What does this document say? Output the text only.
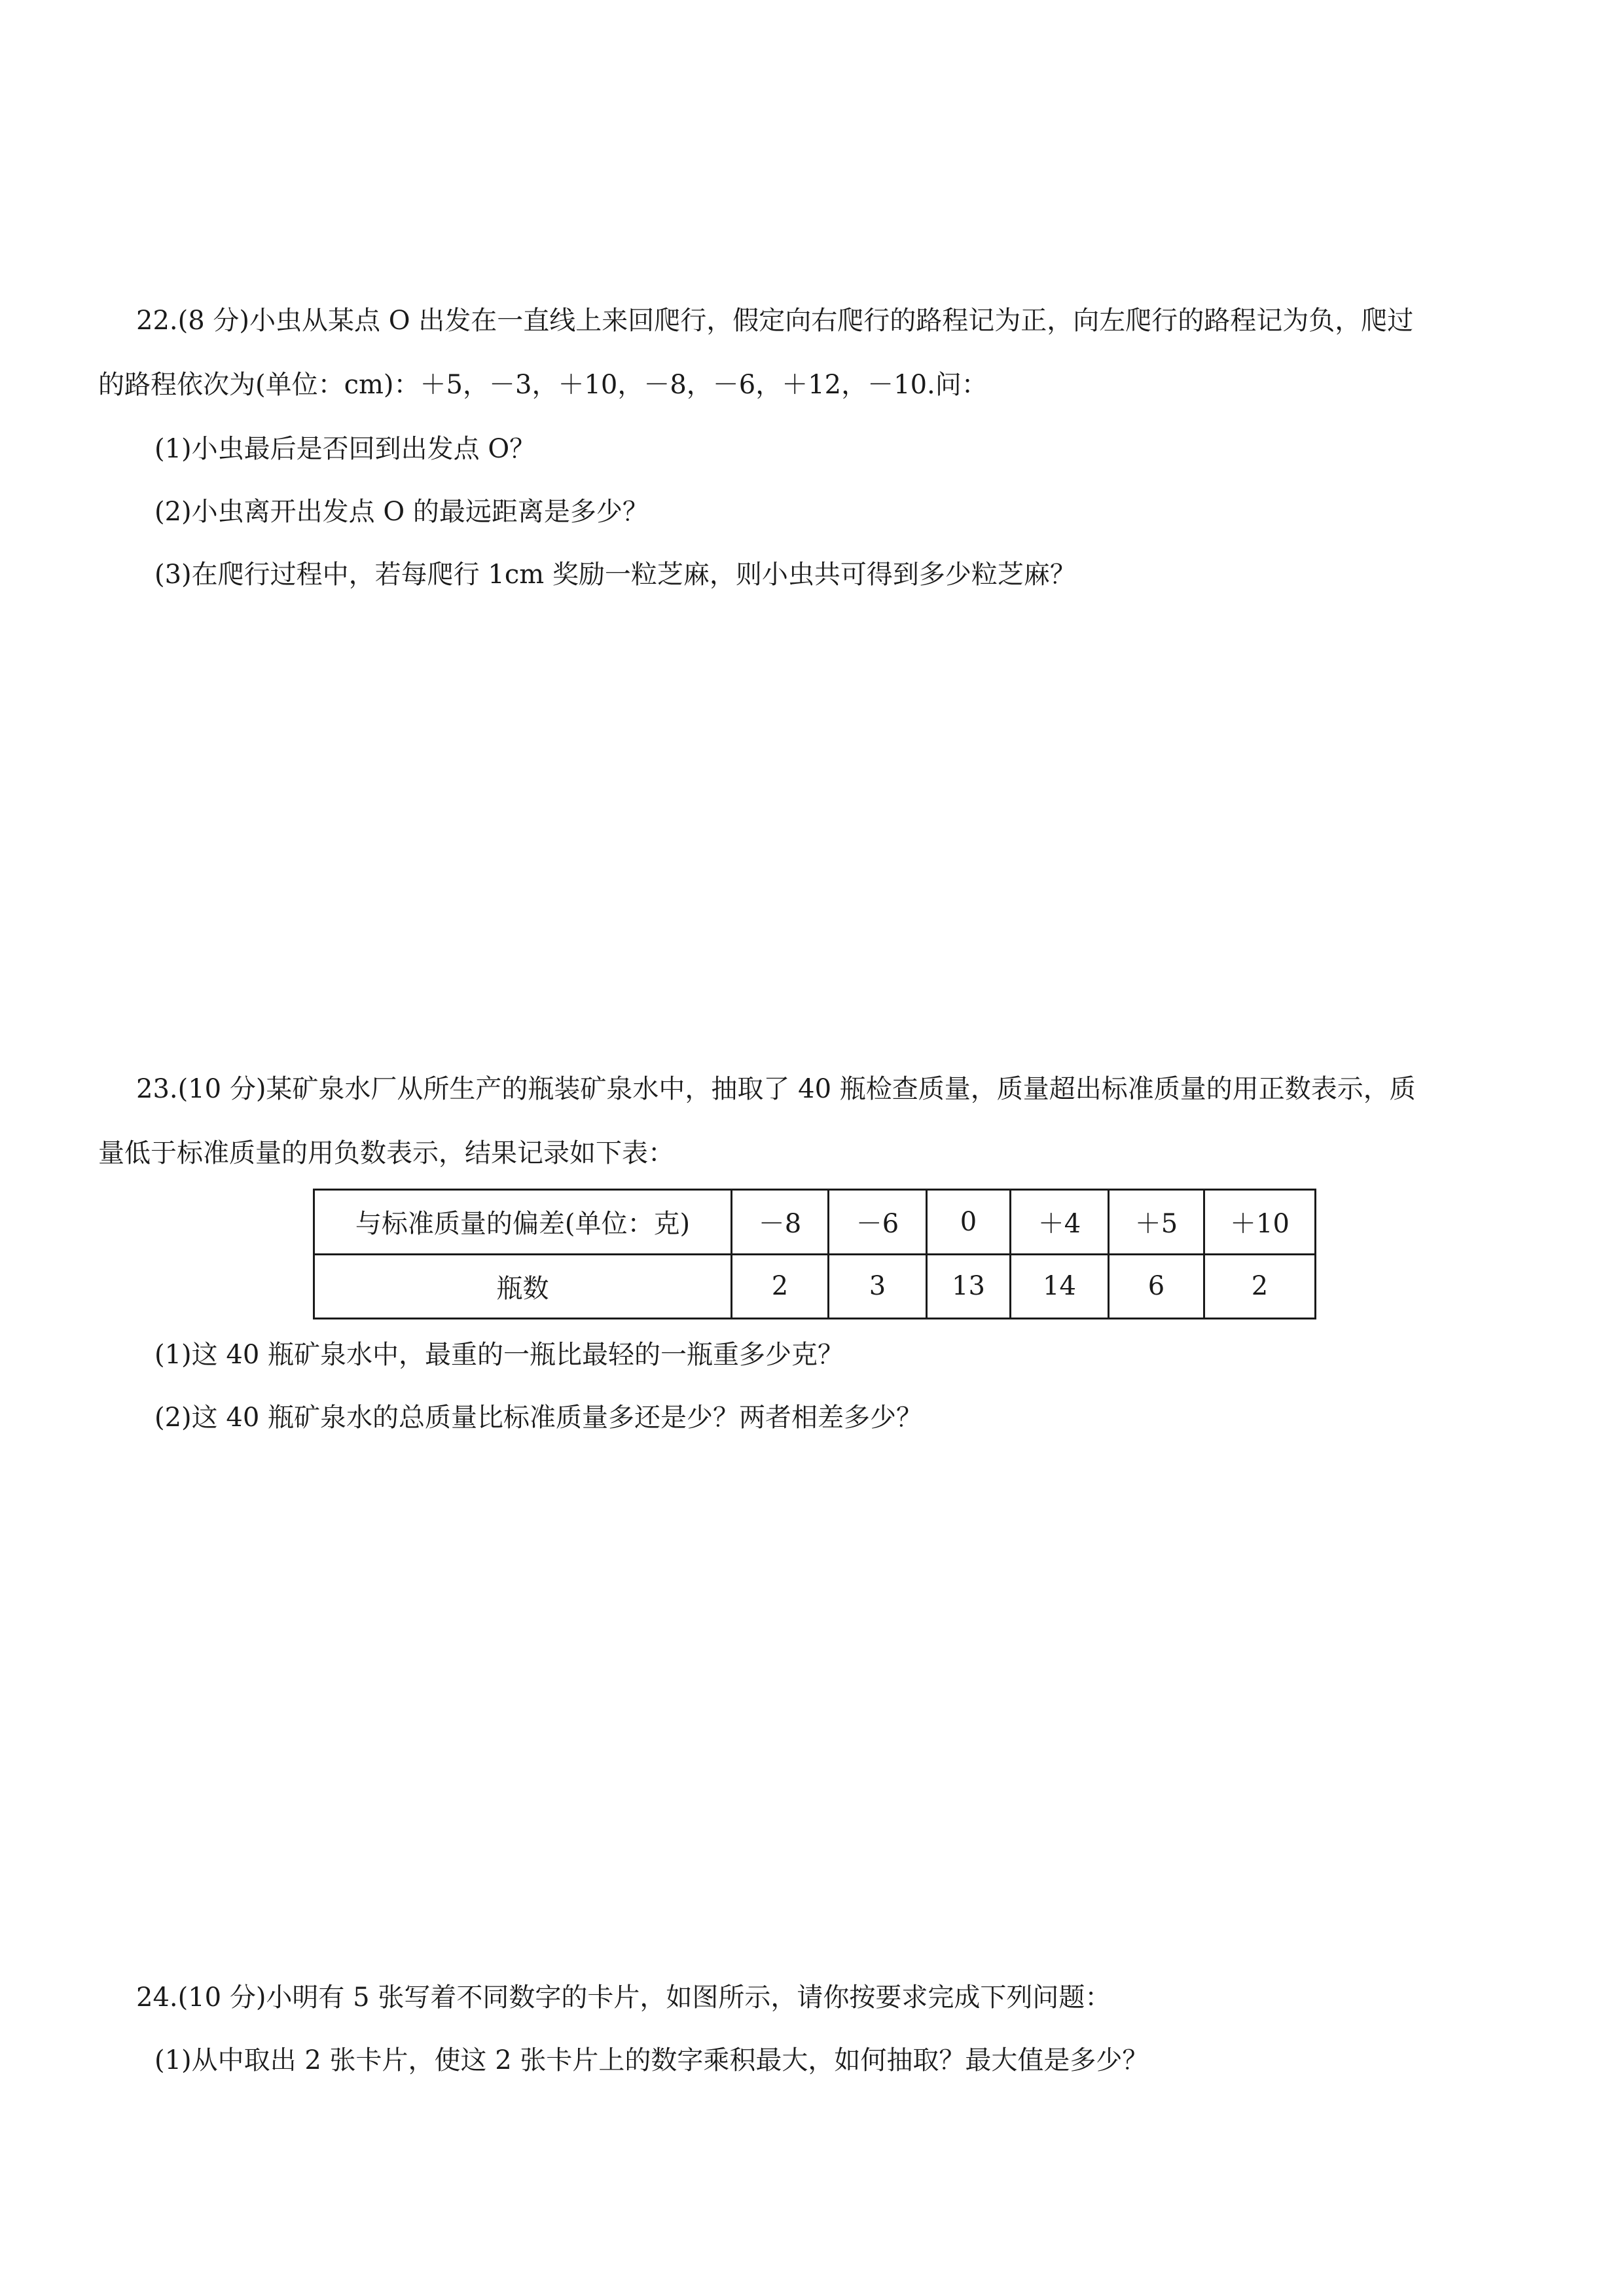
22.(8 分)小虫从某点 O 出发在一直线上来回爬行，假定向右爬行的路程记为正，向左爬行的路程记为负，爬过
的路程依次为(单位：cm)：＋5，－3，＋10，－8，－6，＋12，－10.问：
(1)小虫最后是否回到出发点 O？
(2)小虫离开出发点 O 的最远距离是多少？
(3)在爬行过程中，若每爬行 1cm 奖励一粒芝麻，则小虫共可得到多少粒芝麻？
23.(10 分)某矿泉水厂从所生产的瓶装矿泉水中，抽取了 40 瓶检查质量，质量超出标准质量的用正数表示，质
量低于标准质量的用负数表示，结果记录如下表：
与标准质量的偏差(单位：克)	－8	－6	0	＋4	＋5	＋10
瓶数	2	3	13	14	6	2
(1)这 40 瓶矿泉水中，最重的一瓶比最轻的一瓶重多少克？
(2)这 40 瓶矿泉水的总质量比标准质量多还是少？两者相差多少？
24.(10 分)小明有 5 张写着不同数字的卡片，如图所示，请你按要求完成下列问题：
(1)从中取出 2 张卡片，使这 2 张卡片上的数字乘积最大，如何抽取？最大值是多少？
